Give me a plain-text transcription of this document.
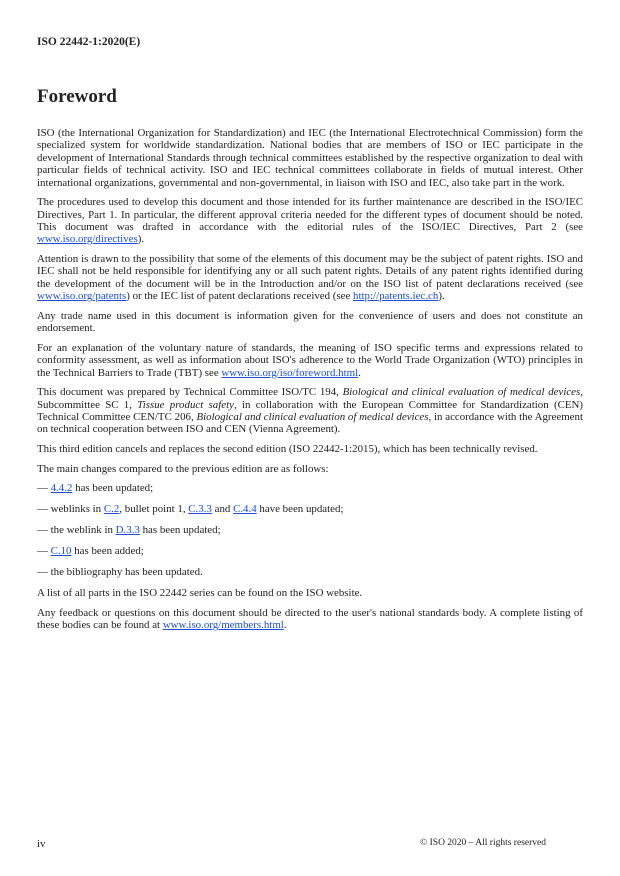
ISO 22442-1:2020(E)
Foreword

ISO (the International Organization for Standardization) and IEC (the International Electrotechnical Commission) form the specialized system for worldwide standardization. National bodies that are members of ISO or IEC participate in the development of International Standards through technical committees established by the respective organization to deal with particular fields of technical activity. ISO and IEC technical committees collaborate in fields of mutual interest. Other international organizations, governmental and non-governmental, in liaison with ISO and IEC, also take part in the work.

The procedures used to develop this document and those intended for its further maintenance are described in the ISO/IEC Directives, Part 1. In particular, the different approval criteria needed for the different types of document should be noted. This document was drafted in accordance with the editorial rules of the ISO/IEC Directives, Part 2 (see www.iso.org/directives).

Attention is drawn to the possibility that some of the elements of this document may be the subject of patent rights. ISO and IEC shall not be held responsible for identifying any or all such patent rights. Details of any patent rights identified during the development of the document will be in the Introduction and/or on the ISO list of patent declarations received (see www.iso.org/patents) or the IEC list of patent declarations received (see http://patents.iec.ch).

Any trade name used in this document is information given for the convenience of users and does not constitute an endorsement.

For an explanation of the voluntary nature of standards, the meaning of ISO specific terms and expressions related to conformity assessment, as well as information about ISO's adherence to the World Trade Organization (WTO) principles in the Technical Barriers to Trade (TBT) see www.iso.org/iso/foreword.html.

This document was prepared by Technical Committee ISO/TC 194, Biological and clinical evaluation of medical devices, Subcommittee SC 1, Tissue product safety, in collaboration with the European Committee for Standardization (CEN) Technical Committee CEN/TC 206, Biological and clinical evaluation of medical devices, in accordance with the Agreement on technical cooperation between ISO and CEN (Vienna Agreement).

This third edition cancels and replaces the second edition (ISO 22442-1:2015), which has been technically revised.

The main changes compared to the previous edition are as follows:

— 4.4.2 has been updated;

— weblinks in C.2, bullet point 1, C.3.3 and C.4.4 have been updated;

— the weblink in D.3.3 has been updated;

— C.10 has been added;

— the bibliography has been updated.

A list of all parts in the ISO 22442 series can be found on the ISO website.

Any feedback or questions on this document should be directed to the user's national standards body. A complete listing of these bodies can be found at www.iso.org/members.html.

iv	© ISO 2020 – All rights reserved
